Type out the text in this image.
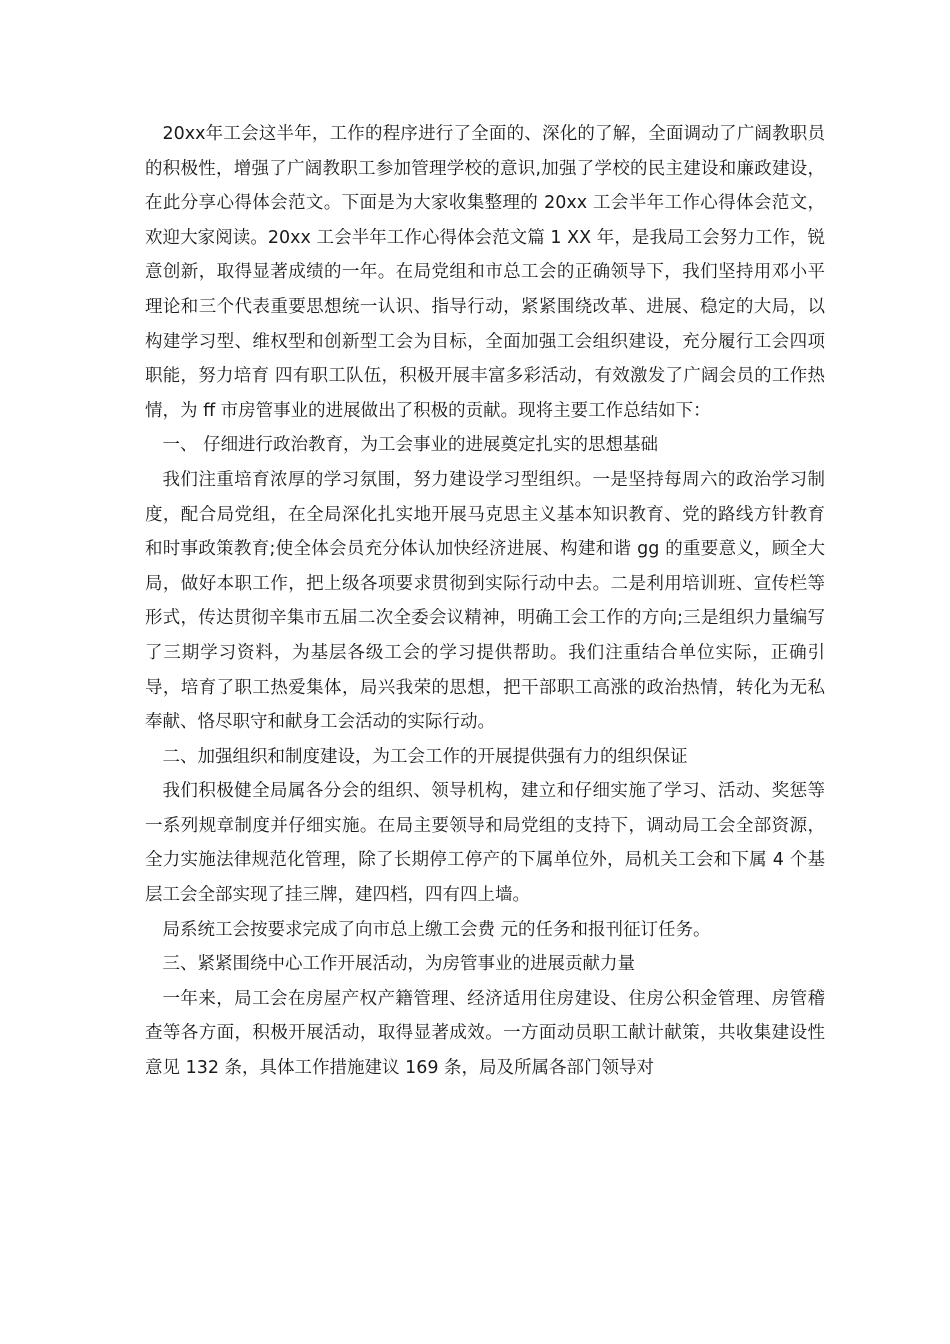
20xx年工会这半年，工作的程序进行了全面的、深化的了解，全面调动了广阔教职员的积极性，增强了广阔教职工参加管理学校的意识,加强了学校的民主建设和廉政建设，在此分享心得体会范文。下面是为大家收集整理的 20xx 工会半年工作心得体会范文，欢迎大家阅读。20xx 工会半年工作心得体会范文篇 1 XX 年，是我局工会努力工作，锐意创新，取得显著成绩的一年。在局党组和市总工会的正确领导下，我们坚持用邓小平理论和三个代表重要思想统一认识、指导行动，紧紧围绕改革、进展、稳定的大局，以构建学习型、维权型和创新型工会为目标，全面加强工会组织建设，充分履行工会四项职能，努力培育 四有职工队伍，积极开展丰富多彩活动，有效激发了广阔会员的工作热情，为 ff 市房管事业的进展做出了积极的贡献。现将主要工作总结如下：

一、 仔细进行政治教育，为工会事业的进展奠定扎实的思想基础

我们注重培育浓厚的学习氛围，努力建设学习型组织。一是坚持每周六的政治学习制度，配合局党组，在全局深化扎实地开展马克思主义基本知识教育、党的路线方针教育和时事政策教育;使全体会员充分体认加快经济进展、构建和谐 gg 的重要意义，顾全大局，做好本职工作，把上级各项要求贯彻到实际行动中去。二是利用培训班、宣传栏等形式，传达贯彻辛集市五届二次全委会议精神，明确工会工作的方向;三是组织力量编写了三期学习资料，为基层各级工会的学习提供帮助。我们注重结合单位实际，正确引导，培育了职工热爱集体，局兴我荣的思想，把干部职工高涨的政治热情，转化为无私奉献、恪尽职守和献身工会活动的实际行动。

二、加强组织和制度建设，为工会工作的开展提供强有力的组织保证

我们积极健全局属各分会的组织、领导机构，建立和仔细实施了学习、活动、奖惩等一系列规章制度并仔细实施。在局主要领导和局党组的支持下，调动局工会全部资源，全力实施法律规范化管理，除了长期停工停产的下属单位外，局机关工会和下属 4 个基层工会全部实现了挂三牌，建四档，四有四上墙。

局系统工会按要求完成了向市总上缴工会费 元的任务和报刊征订任务。

三、紧紧围绕中心工作开展活动，为房管事业的进展贡献力量

一年来，局工会在房屋产权产籍管理、经济适用住房建设、住房公积金管理、房管稽查等各方面，积极开展活动，取得显著成效。一方面动员职工献计献策，共收集建设性意见 132 条，具体工作措施建议 169 条，局及所属各部门领导对
